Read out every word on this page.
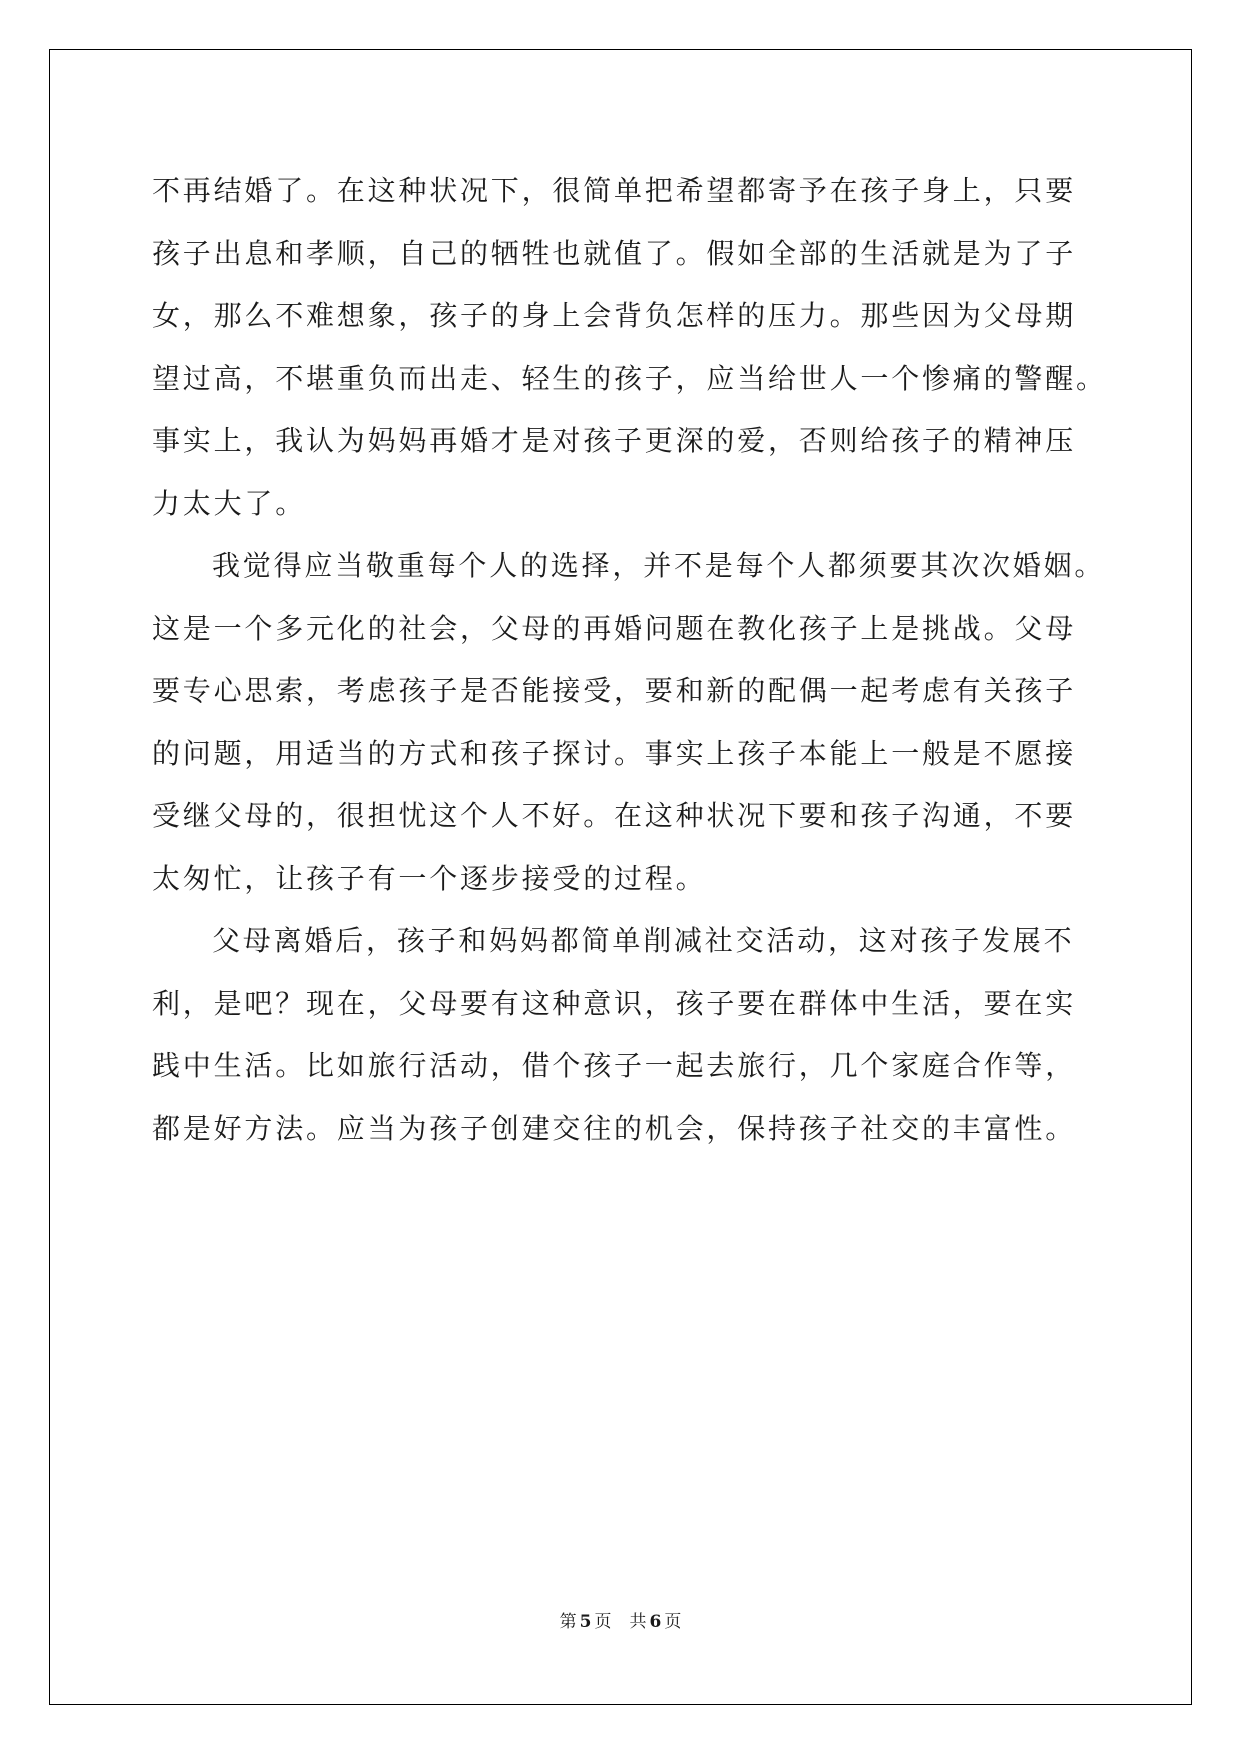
不再结婚了。在这种状况下，很简单把希望都寄予在孩子身上，只要
孩子出息和孝顺，自己的牺牲也就值了。假如全部的生活就是为了子
女，那么不难想象，孩子的身上会背负怎样的压力。那些因为父母期
望过高，不堪重负而出走、轻生的孩子，应当给世人一个惨痛的警醒。
事实上，我认为妈妈再婚才是对孩子更深的爱，否则给孩子的精神压
力太大了。
我觉得应当敬重每个人的选择，并不是每个人都须要其次次婚姻。
这是一个多元化的社会，父母的再婚问题在教化孩子上是挑战。父母
要专心思索，考虑孩子是否能接受，要和新的配偶一起考虑有关孩子
的问题，用适当的方式和孩子探讨。事实上孩子本能上一般是不愿接
受继父母的，很担忧这个人不好。在这种状况下要和孩子沟通，不要
太匆忙，让孩子有一个逐步接受的过程。
父母离婚后，孩子和妈妈都简单削减社交活动，这对孩子发展不
利，是吧？现在，父母要有这种意识，孩子要在群体中生活，要在实
践中生活。比如旅行活动，借个孩子一起去旅行，几个家庭合作等，
都是好方法。应当为孩子创建交往的机会，保持孩子社交的丰富性。
第 5 页 共 6 页
